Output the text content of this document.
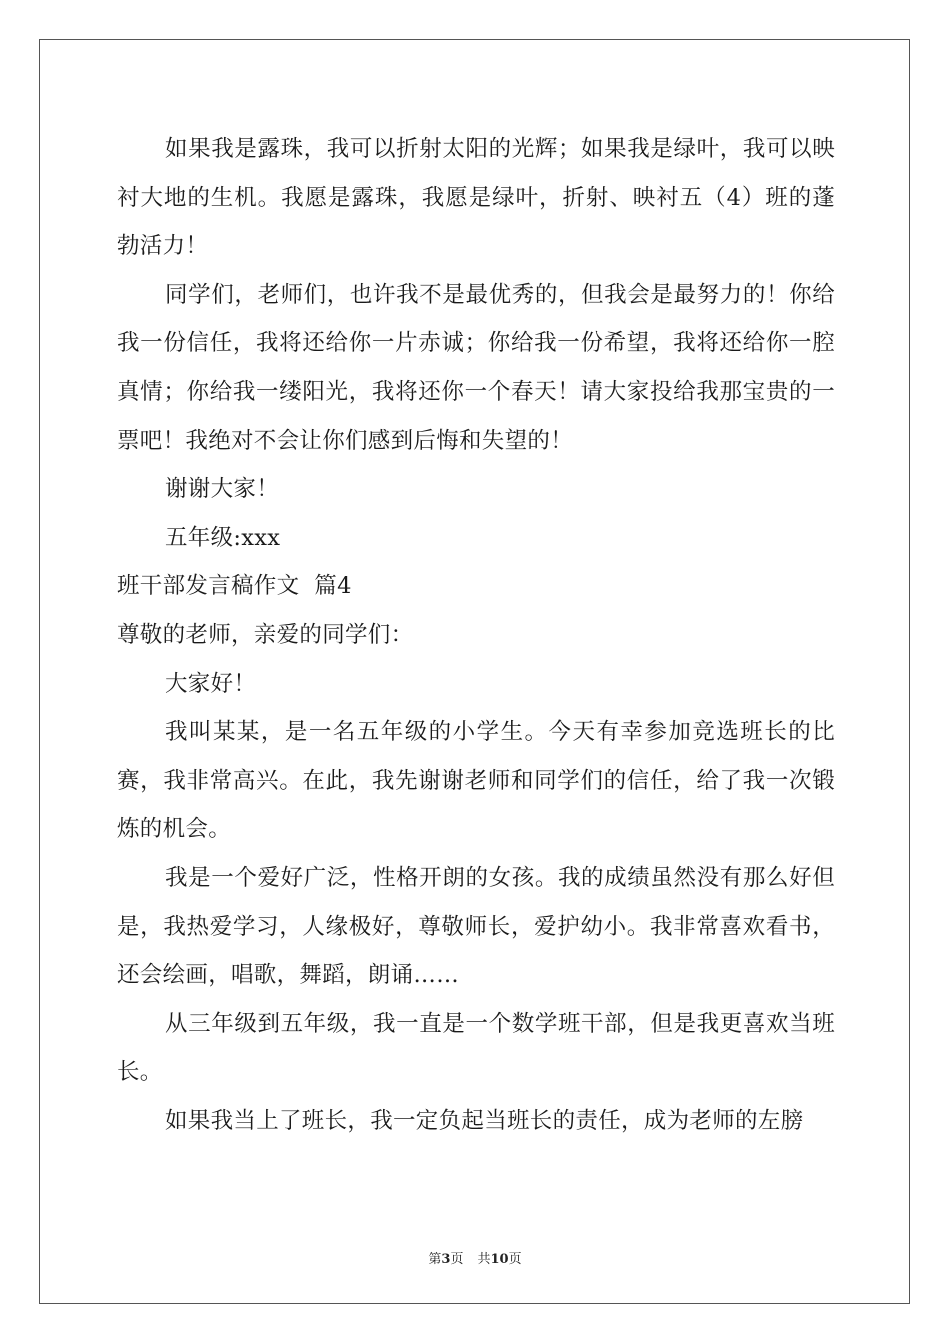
如果我是露珠，我可以折射太阳的光辉；如果我是绿叶，我可以映衬大地的生机。我愿是露珠，我愿是绿叶，折射、映衬五（4）班的蓬勃活力！

同学们，老师们，也许我不是最优秀的，但我会是最努力的！你给我一份信任，我将还给你一片赤诚；你给我一份希望，我将还给你一腔真情；你给我一缕阳光，我将还你一个春天！请大家投给我那宝贵的一票吧！我绝对不会让你们感到后悔和失望的！

谢谢大家！

五年级:xxx

班干部发言稿作文  篇4

尊敬的老师，亲爱的同学们：

大家好！

我叫某某，是一名五年级的小学生。今天有幸参加竞选班长的比赛，我非常高兴。在此，我先谢谢老师和同学们的信任，给了我一次锻炼的机会。

我是一个爱好广泛，性格开朗的女孩。我的成绩虽然没有那么好但是，我热爱学习，人缘极好，尊敬师长，爱护幼小。我非常喜欢看书，还会绘画，唱歌，舞蹈，朗诵……

从三年级到五年级，我一直是一个数学班干部，但是我更喜欢当班长。

如果我当上了班长，我一定负起当班长的责任，成为老师的左膀

第3页 共10页
